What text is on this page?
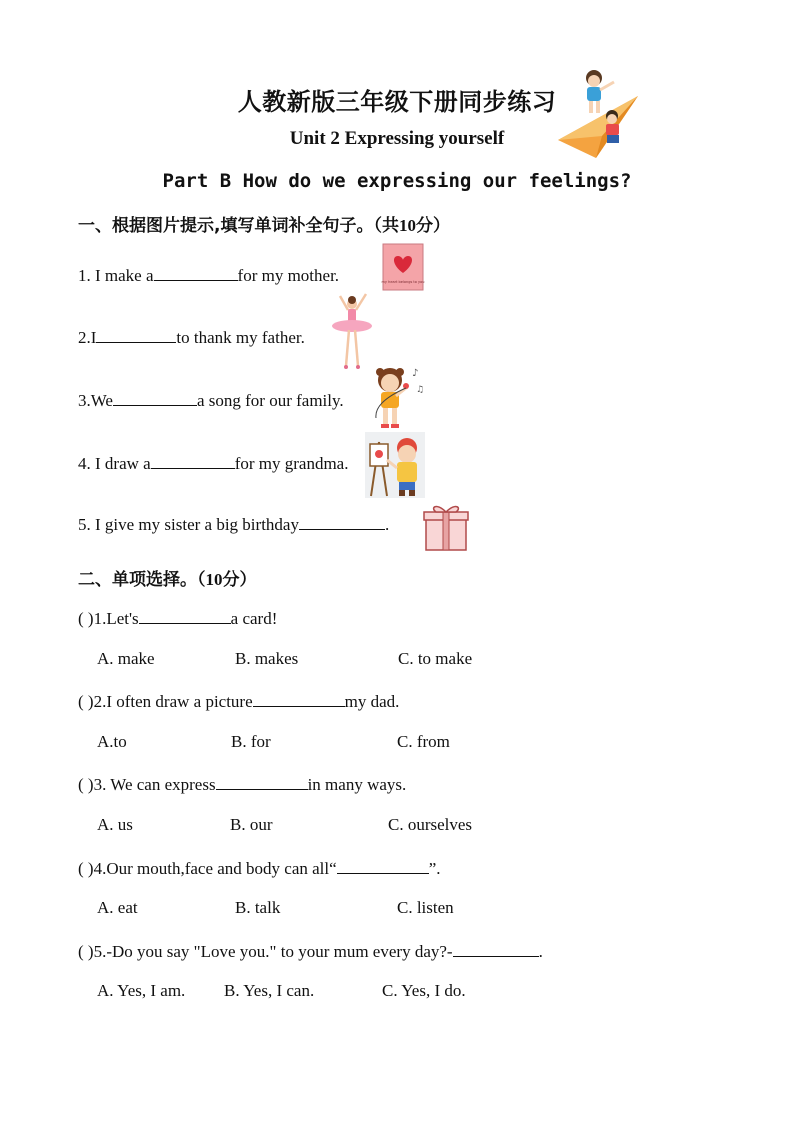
人教新版三年级下册同步练习
Unit 2 Expressing yourself
Part B How do we expressing our feelings?
一、根据图片提示,填写单词补全句子。（共10分）
1. I make a	for my mother.
2.I	to thank my father.
3.We	a song for our family.
4. I draw a	for my grandma.
5. I give my sister a big birthday	.
my heart belongs to you
♪
♫
二、单项选择。（10分）
( )1.Let's	a card!
A. make	B. makes	C. to make
( )2.I often draw a picture	my dad.
A.to	B. for	C. from
( )3. We can express	in many ways.
A. us	B. our	C. ourselves
( )4.Our mouth,face and body can all“	”.
A. eat	B. talk	C. listen
( )5.-Do you say "Love you." to your mum every day?-	.
A. Yes, I am. B. Yes, I can.	C. Yes, I do.
